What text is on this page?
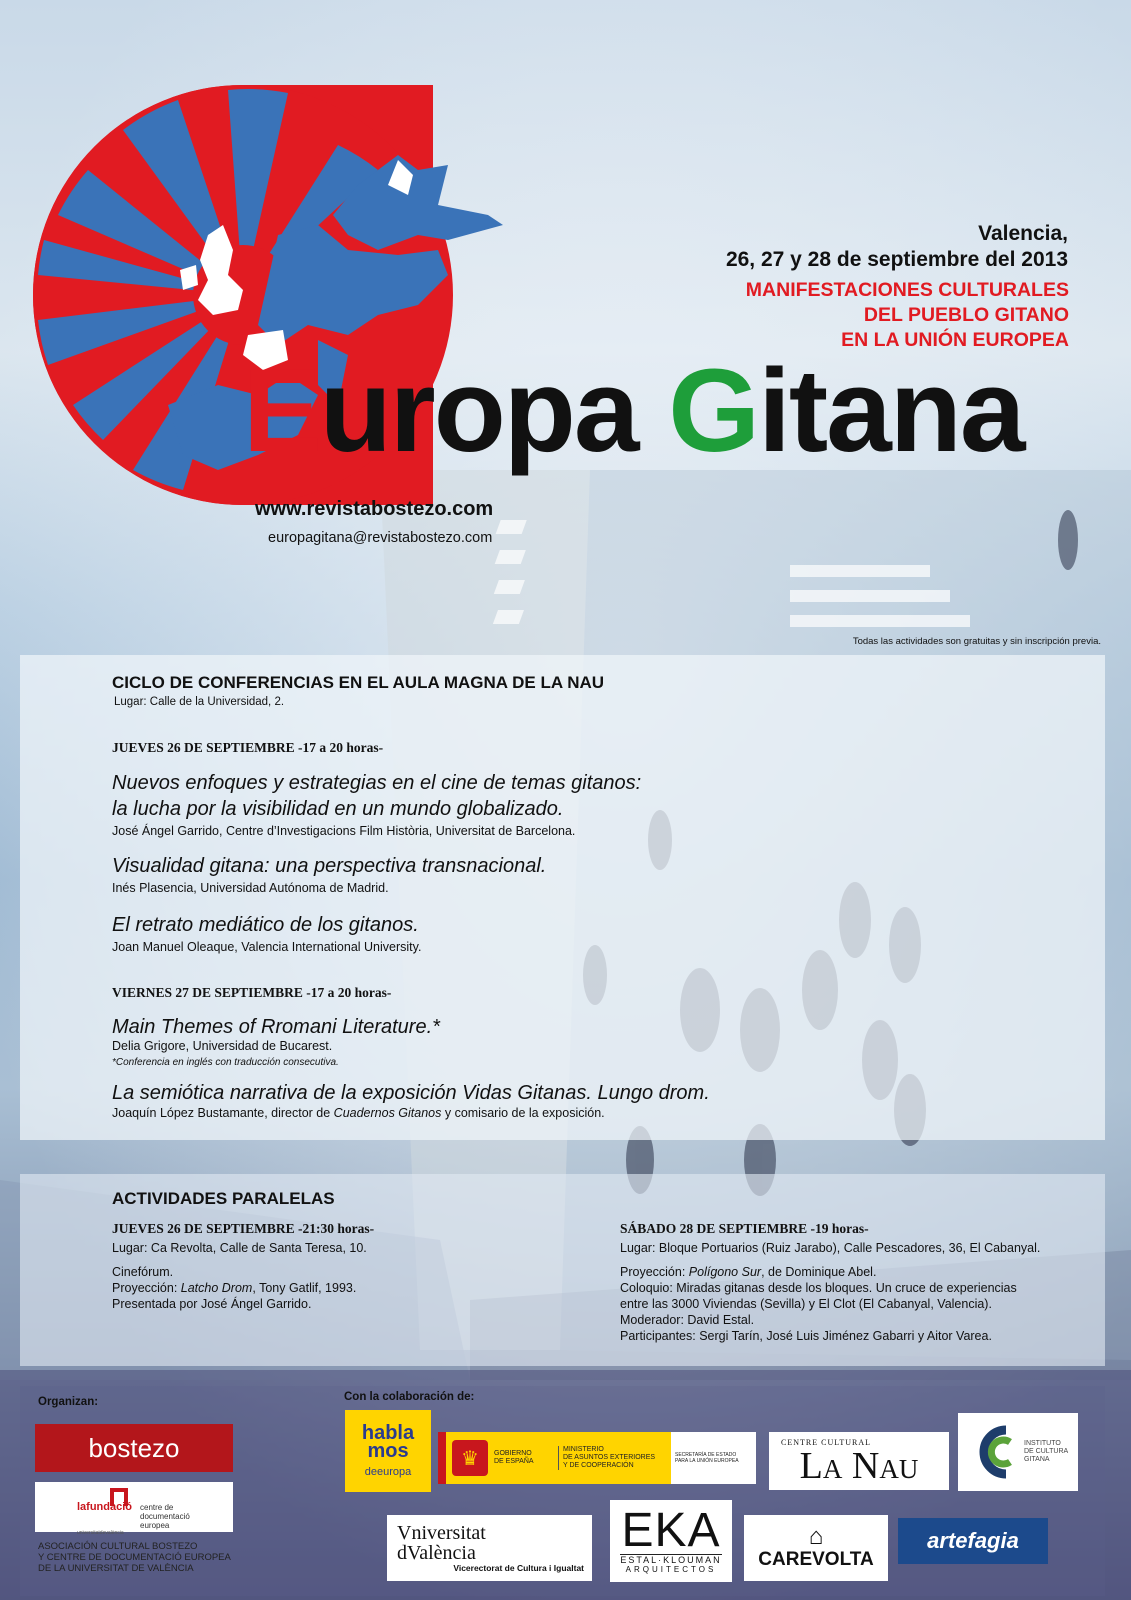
Valencia,
26, 27 y 28 de septiembre del 2013
MANIFESTACIONES CULTURALES
DEL PUEBLO GITANO
EN LA UNIÓN EUROPEA
Europa Gitana
www.revistabostezo.com
europagitana@revistabostezo.com
Todas las actividades son gratuitas y sin inscripción previa.
CICLO DE CONFERENCIAS EN EL AULA MAGNA DE LA NAU
Lugar: Calle de la Universidad, 2.
JUEVES 26 DE SEPTIEMBRE -17 a 20 horas-
Nuevos enfoques y estrategias en el cine de temas gitanos:
la lucha por la visibilidad en un mundo globalizado.
José Ángel Garrido, Centre d’Investigacions Film Història, Universitat de Barcelona.
Visualidad gitana: una perspectiva transnacional.
Inés Plasencia, Universidad Autónoma de Madrid.
El retrato mediático de los gitanos.
Joan Manuel Oleaque, Valencia International University.
VIERNES 27 DE SEPTIEMBRE -17 a 20 horas-
Main Themes of Rromani Literature.*
Delia Grigore, Universidad de Bucarest.
*Conferencia en inglés con traducción consecutiva.
La semiótica narrativa de la exposición Vidas Gitanas. Lungo drom.
Joaquín López Bustamante, director de Cuadernos Gitanos y comisario de la exposición.
ACTIVIDADES PARALELAS
JUEVES 26 DE SEPTIEMBRE -21:30 horas-
Lugar: Ca Revolta, Calle de Santa Teresa, 10.
Cinefórum.
Proyección: Latcho Drom, Tony Gatlif, 1993.
Presentada por José Ángel Garrido.
SÁBADO 28 DE SEPTIEMBRE -19 horas-
Lugar: Bloque Portuarios (Ruiz Jarabo), Calle Pescadores, 36, El Cabanyal.
Proyección: Polígono Sur, de Dominique Abel.
Coloquio: Miradas gitanas desde los bloques. Un cruce de experiencias
entre las 3000 Viviendas (Sevilla) y El Clot (El Cabanyal, Valencia).
Moderador: David Estal.
Participantes: Sergi Tarín, José Luis Jiménez Gabarri y Aitor Varea.
Organizan:	Con la colaboración de:
bostezo
lafundació centre de documentació europea
universitatdevalència
ASOCIACIÓN CULTURAL BOSTEZO
Y CENTRE DE DOCUMENTACIÓ EUROPEA
DE LA UNIVERSITAT DE VALÈNCIA
habla
mos
deeuropa
♛	GOBIERNO
DE ESPAÑA
MINISTERIO
DE ASUNTOS EXTERIORES
Y DE COOPERACIÓN
SECRETARÍA DE ESTADO
PARA LA UNIÓN EUROPEA
CENTRE CULTURAL
La Nau
INSTITUTO
DE CULTURA
GITANA
Vniversitat
dValència
Vicerectorat de Cultura i Igualtat
EKA
ESTAL·KLOUMAN
ARQUITECTOS
⌂
CAREVOLTA
artefagia
